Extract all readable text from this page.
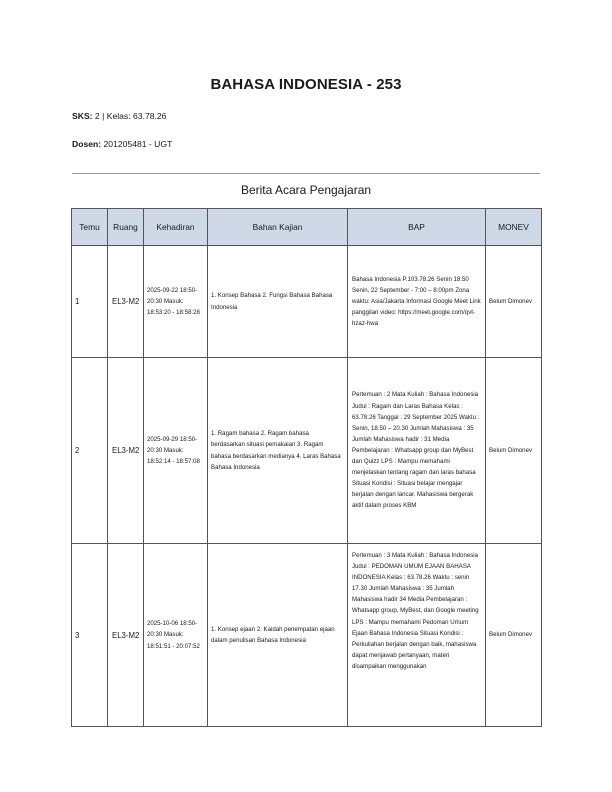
BAHASA INDONESIA - 253
SKS: 2 | Kelas: 63.78.26
Dosen: 201205481 - UGT
Berita Acara Pengajaran
Temu	Ruang	Kehadiran	Bahan Kajian	BAP	MONEV
1	EL3-M2	2025-09-22 18:50-20:30 Masuk: 18:53:20 - 18:58:28	1. Konsep Bahasa 2. Fungsi Bahasa Bahasa Indonesia	Bahasa Indonesia P.103.78.26 Senin 18.50 Senin, 22 September - 7:00 – 8:00pm Zona waktu: Asia/Jakarta Informasi Google Meet Link panggilan video: https://meet.google.com/qvt-hzaz-hwa	Belum Dimonev
2	EL3-M2	2025-09-29 18:50-20:30 Masuk: 18:52:14 - 18:57:08	1. Ragam bahasa 2. Ragam bahasa berdasarkan situasi pemakaian 3. Ragam bahasa berdasarkan medianya 4. Laras Bahasa Bahasa Indonesia	Pertemuan : 2 Mata Kuliah : Bahasa Indonesia Judul : Ragam dan Laras Bahasa Kelas : 63.78.26 Tanggal : 29 September 2025 Waktu : Senin, 18.50 – 20.30 Jumlah Mahasiswa : 35 Jumlah Mahasiswa hadir : 31 Media Pembelajaran : Whatsapp group dan MyBest dan Quizz LPS : Mampu memahami menjelaskan tentang ragam dan laras bahasa Situasi Kondisi : Situasi belajar mengajar berjalan dengan lancar. Mahasiswa bergerak aktif dalam proses KBM	Belum Dimonev
3	EL3-M2	2025-10-06 18:50-20:30 Masuk: 18:51:51 - 20:07:52	1. Konsep ejaan 2. Kaidah penempatan ejaan dalam penulisan Bahasa Indonesia	Pertemuan : 3 Mata Kuliah : Bahasa Indonesia Judul : PEDOMAN UMUM EJAAN BAHASA INDONESIA Kelas : 63.78.26 Waktu : senin 17.30 Jumlah Mahasiswa : 35 Jumlah Mahasiswa hadir 34 Media Pembelajaran : Whatsapp group, MyBest, dan Google meeting LPS : Mampu memahami Pedoman Umum Ejaan Bahasa Indonesia Situasi Kondisi : Perkuliahan berjalan dengan baik, mahasiswa dapat menjawab pertanyaan, materi disampaikan menggunakan	Belum Dimonev
